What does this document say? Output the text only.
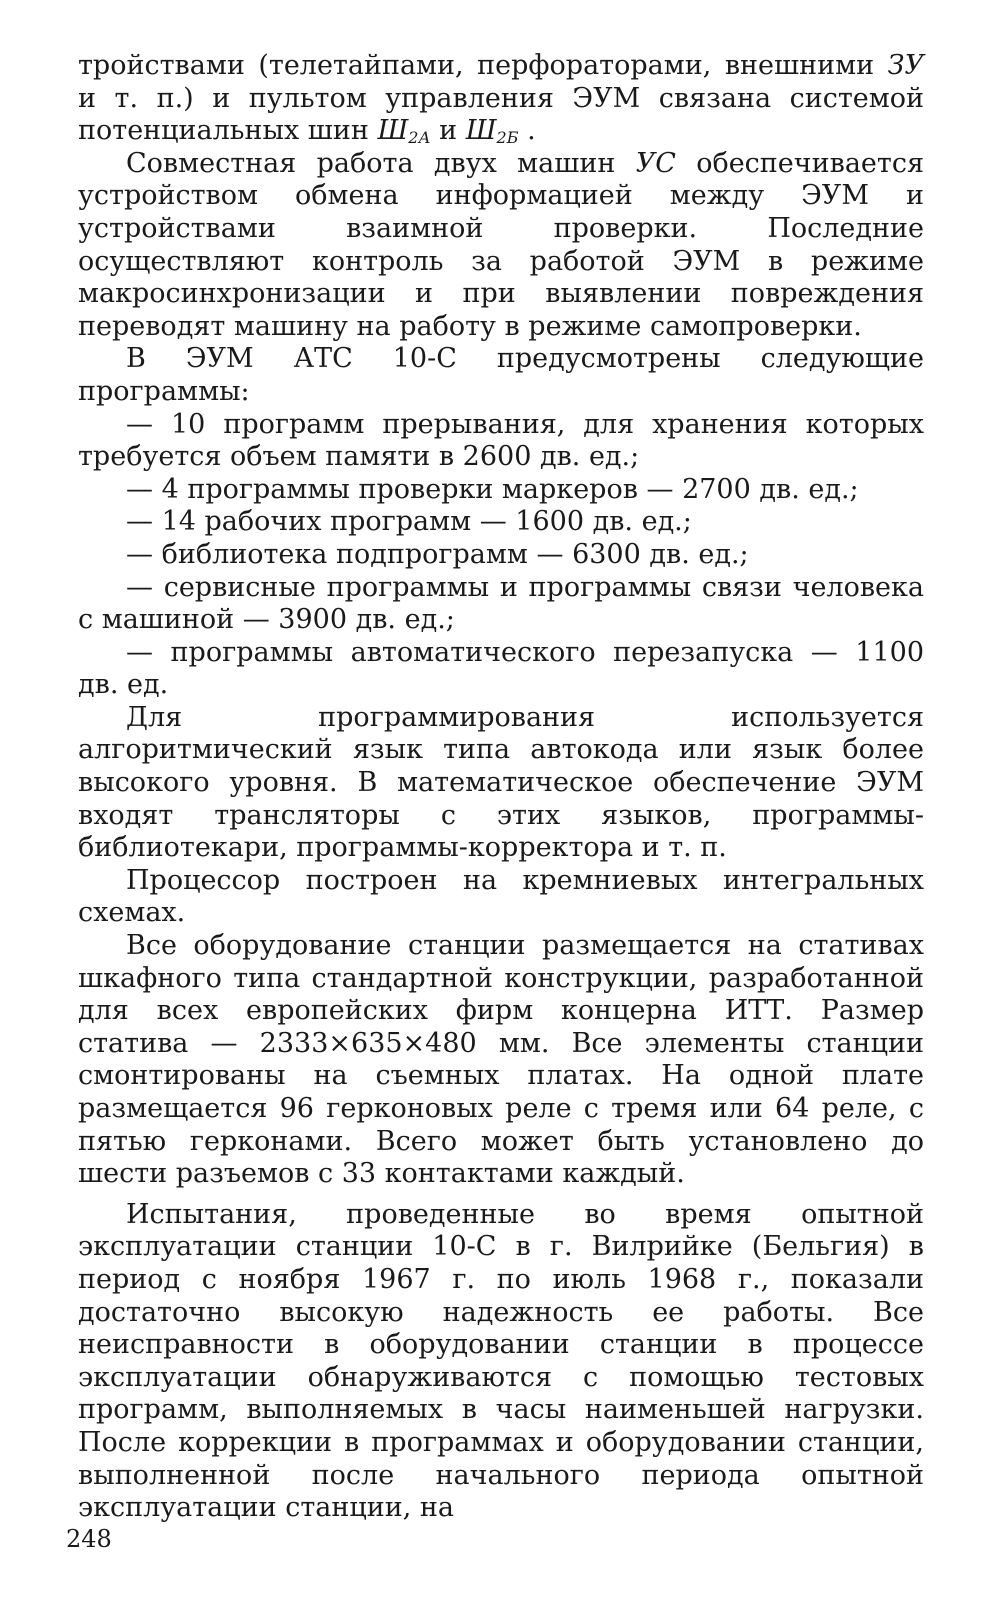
тройствами (телетайпами, перфораторами, внешними ЗУ и т. п.) и пультом управления ЭУМ связана системой потенциальных шин $Ш_{2А}$ и $Ш_{2Б}$ .

Совместная работа двух машин УС обеспечивается устройством обмена информацией между ЭУМ и устройствами взаимной проверки. Последние осуществляют контроль за работой ЭУМ в режиме макросинхронизации и при выявлении повреждения переводят машину на работу в режиме самопроверки.

В ЭУМ АТС 10-С предусмотрены следующие программы:

— 10 программ прерывания, для хранения которых требуется объем памяти в 2600 дв. ед.;

— 4 программы проверки маркеров — 2700 дв. ед.;

— 14 рабочих программ — 1600 дв. ед.;

— библиотека подпрограмм — 6300 дв. ед.;

— сервисные программы и программы связи человека с машиной — 3900 дв. ед.;

— программы автоматического перезапуска — 1100 дв. ед.

Для программирования используется алгоритмический язык типа автокода или язык более высокого уровня. В математическое обеспечение ЭУМ входят трансляторы с этих языков, программы-библиотекари, программы-корректора и т. п.

Процессор построен на кремниевых интегральных схемах.

Все оборудование станции размещается на стативах шкафного типа стандартной конструкции, разработанной для всех европейских фирм концерна ИТТ. Размер статива — 2333×635×480 мм. Все элементы станции смонтированы на съемных платах. На одной плате размещается 96 герконовых реле с тремя или 64 реле, с пятью герконами. Всего может быть установлено до шести разъемов с 33 контактами каждый.

Испытания, проведенные во время опытной эксплуатации станции 10-С в г. Вилрийке (Бельгия) в период с ноября 1967 г. по июль 1968 г., показали достаточно высокую надежность ее работы. Все неисправности в оборудовании станции в процессе эксплуатации обнаруживаются с помощью тестовых программ, выполняемых в часы наименьшей нагрузки. После коррекции в программах и оборудовании станции, выполненной после начального периода опытной эксплуатации станции, на

248
